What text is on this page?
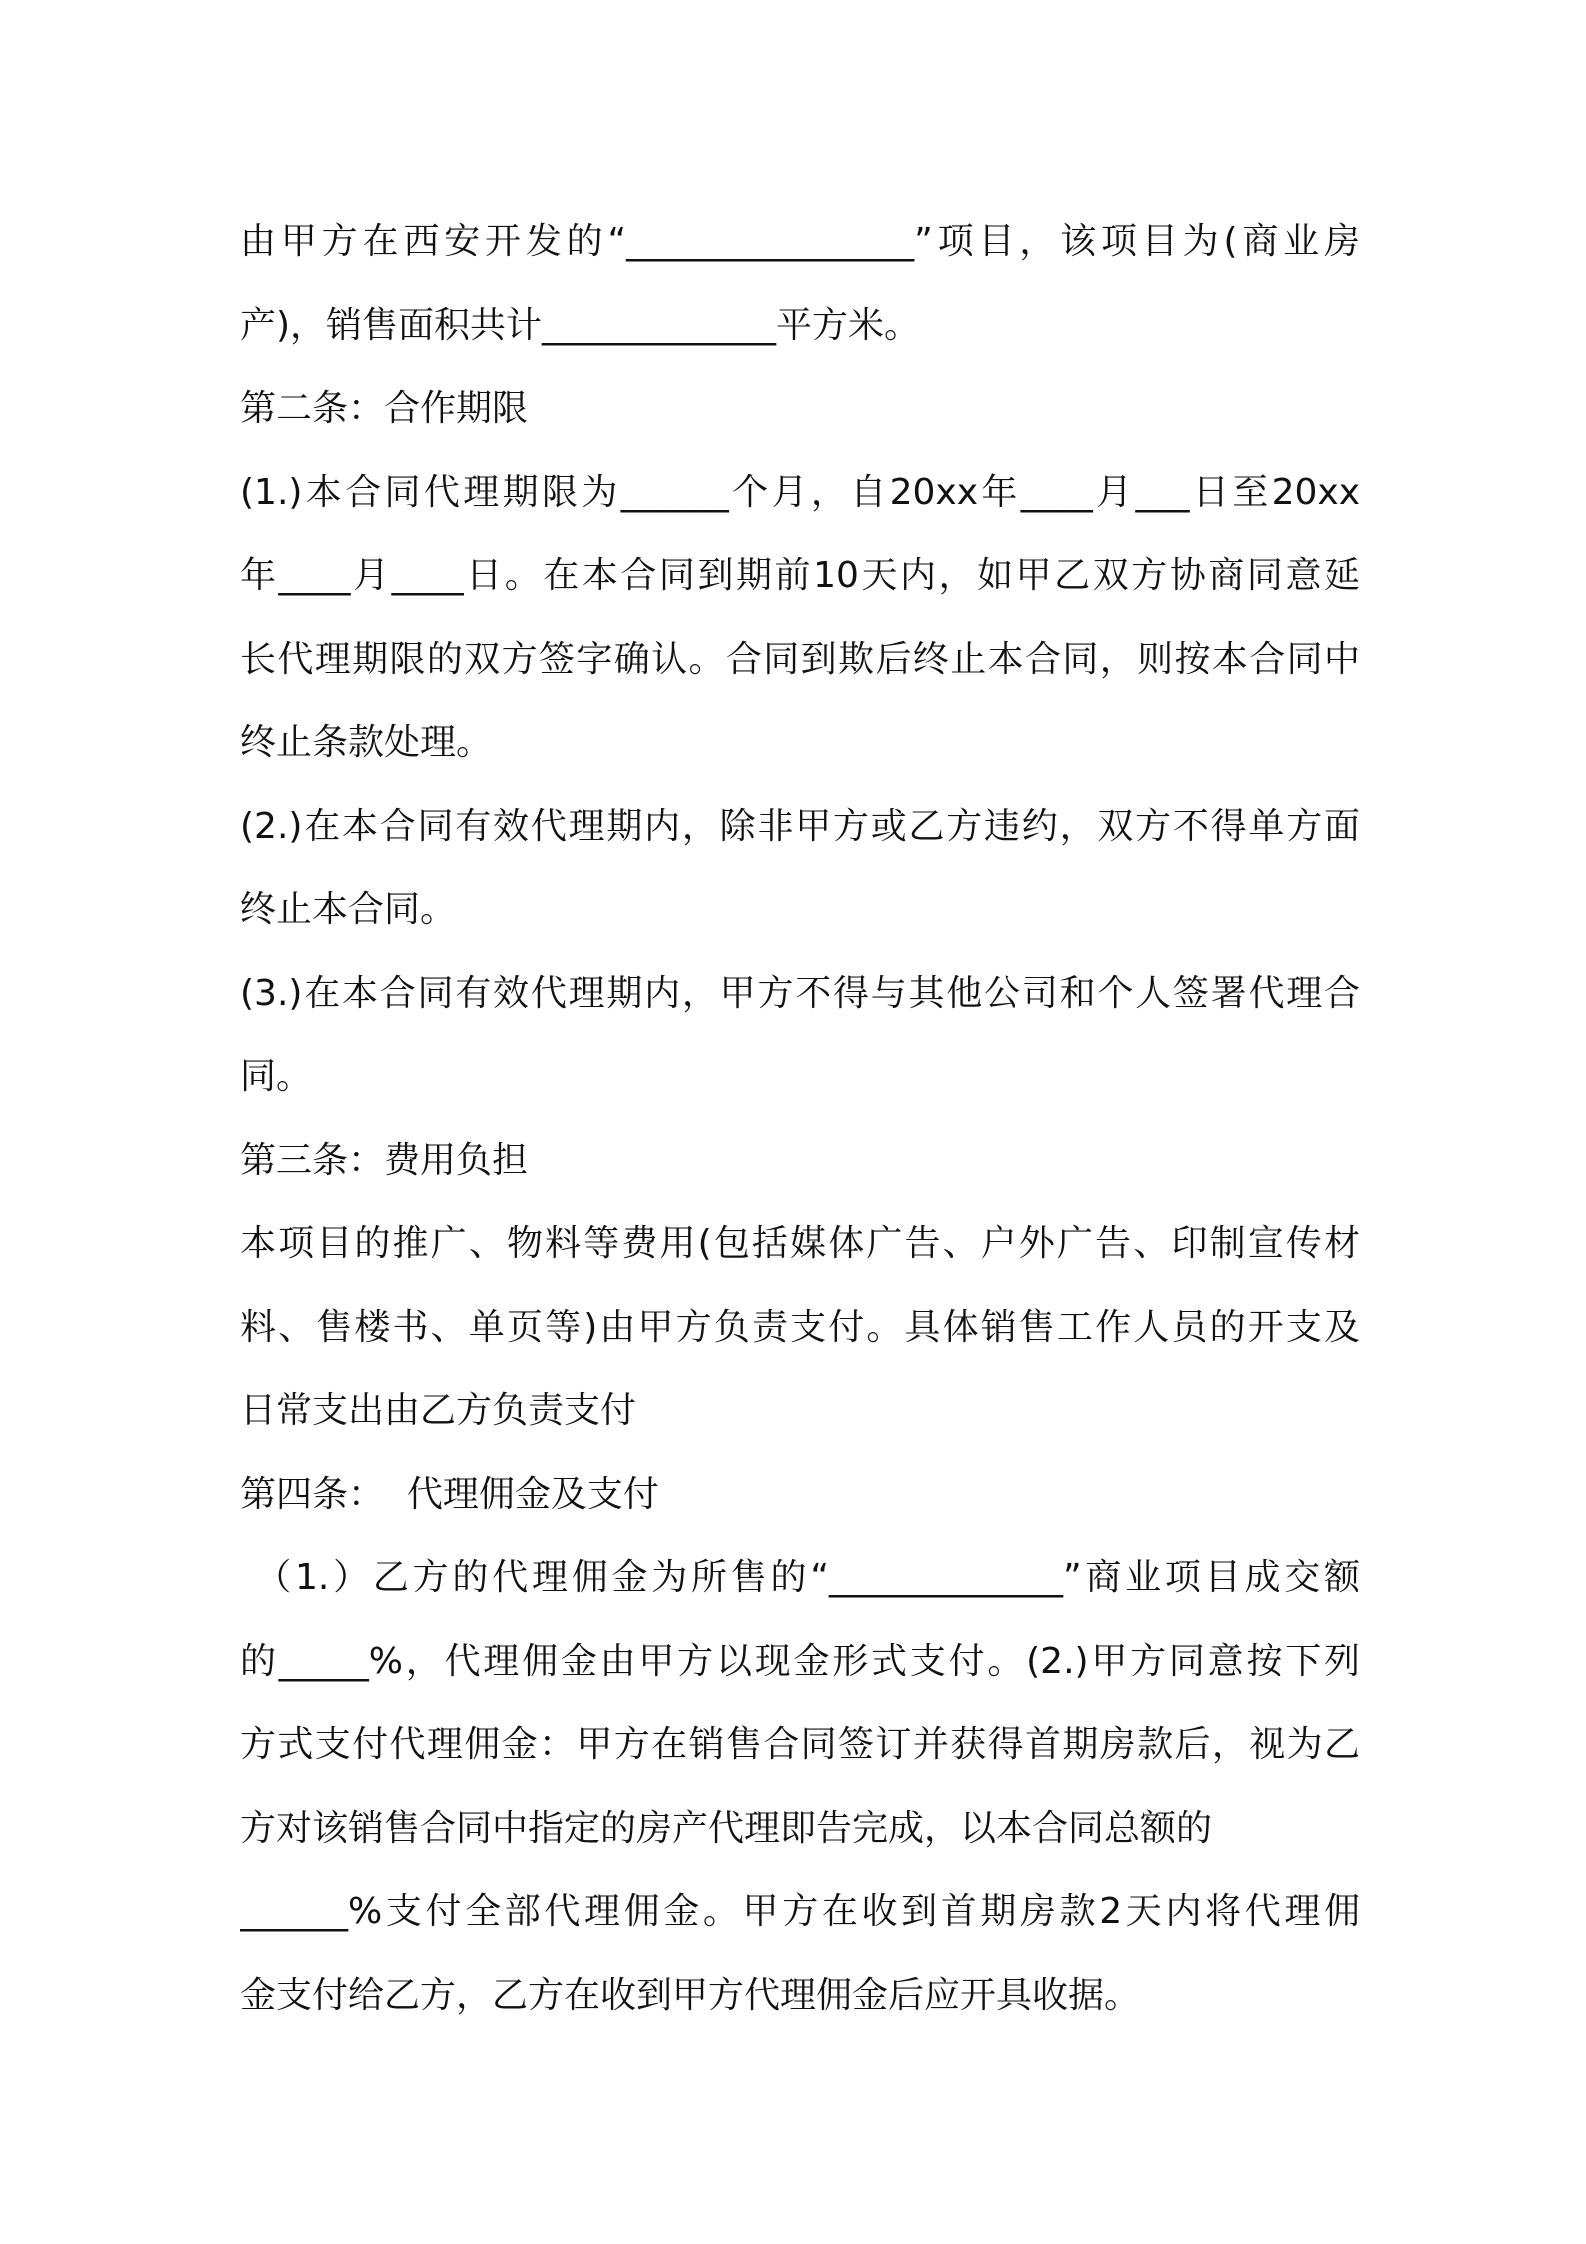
由甲方在西安开发的“________________”项目，该项目为(商业房
产)，销售面积共计_____________平方米。
第二条：合作期限
(1.)本合同代理期限为______个月，自20xx年____月___日至20xx
年____月____日。在本合同到期前10天内，如甲乙双方协商同意延
长代理期限的双方签字确认。合同到欺后终止本合同，则按本合同中
终止条款处理。
(2.)在本合同有效代理期内，除非甲方或乙方违约，双方不得单方面
终止本合同。
(3.)在本合同有效代理期内，甲方不得与其他公司和个人签署代理合
同。
第三条：费用负担
本项目的推广、物料等费用(包括媒体广告、户外广告、印制宣传材
料、售楼书、单页等)由甲方负责支付。具体销售工作人员的开支及
日常支出由乙方负责支付
第四条：  代理佣金及支付
（1.）乙方的代理佣金为所售的“_____________”商业项目成交额
的_____%，代理佣金由甲方以现金形式支付。(2.)甲方同意按下列
方式支付代理佣金：甲方在销售合同签订并获得首期房款后，视为乙
方对该销售合同中指定的房产代理即告完成，以本合同总额的
______%支付全部代理佣金。甲方在收到首期房款2天内将代理佣
金支付给乙方，乙方在收到甲方代理佣金后应开具收据。
